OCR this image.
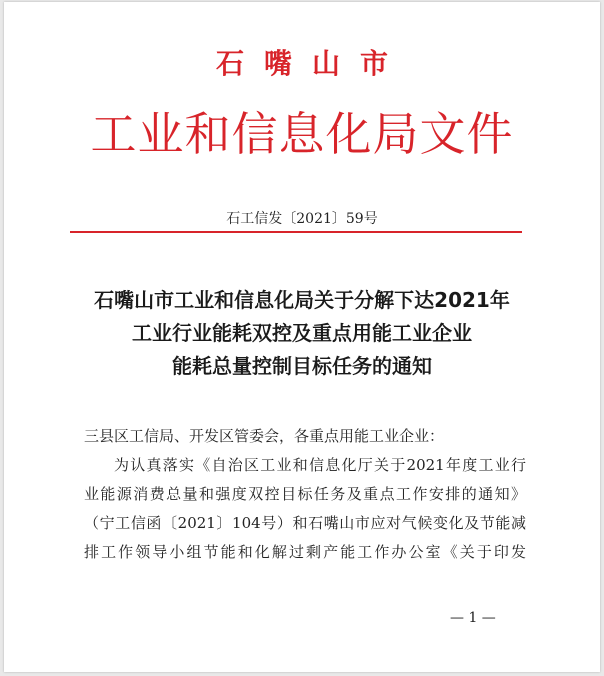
石嘴山市
工业和信息化局文件
石工信发〔2021〕59号
石嘴山市工业和信息化局关于分解下达2021年
工业行业能耗双控及重点用能工业企业
能耗总量控制目标任务的通知
三县区工信局、开发区管委会，各重点用能工业企业：
为认真落实《自治区工业和信息化厅关于2021年度工业行
业能源消费总量和强度双控目标任务及重点工作安排的通知》
（宁工信函〔2021〕104号）和石嘴山市应对气候变化及节能减
排工作领导小组节能和化解过剩产能工作办公室《关于印发
— 1 —
